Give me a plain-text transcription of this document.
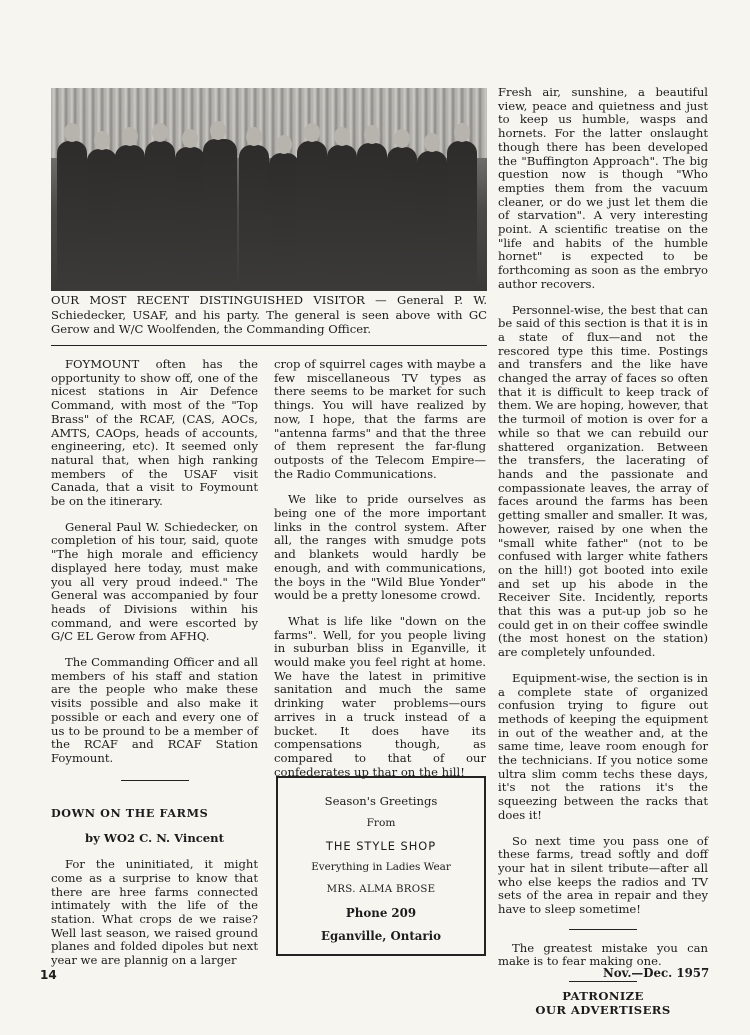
OUR MOST RECENT DISTINGUISHED VISITOR — General P. W. Schiedecker, USAF, and his party. The general is seen above with GC Gerow and W/C Woolfenden, the Commanding Officer.

FOYMOUNT often has the opportunity to show off, one of the nicest stations in Air Defence Command, with most of the "Top Brass" of the RCAF, (CAS, AOCs, AMTS, CAOps, heads of accounts, engineering, etc). It seemed only natural that, when high ranking members of the USAF visit Canada, that a visit to Foymount be on the itinerary.

General Paul W. Schiedecker, on completion of his tour, said, quote "The high morale and efficiency displayed here today, must make you all very proud indeed." The General was accompanied by four heads of Divisions within his command, and were escorted by G/C EL Gerow from AFHQ.

The Commanding Officer and all members of his staff and station are the people who make these visits possible and also make it possible or each and every one of us to be pround to be a member of the RCAF and RCAF Station Foymount.

DOWN ON THE FARMS

by WO2 C. N. Vincent

For the uninitiated, it might come as a surprise to know that there are hree farms connected intimately with the life of the station. What crops de we raise? Well last season, we raised ground planes and folded dipoles but next year we are plannig on a larger

crop of squirrel cages with maybe a few miscellaneous TV types as there seems to be market for such things. You will have realized by now, I hope, that the farms are "antenna farms" and that the three of them represent the far-flung outposts of the Telecom Empire—the Radio Communications.

We like to pride ourselves as being one of the more important links in the control system. After all, the ranges with smudge pots and blankets would hardly be enough, and with communications, the boys in the "Wild Blue Yonder" would be a pretty lonesome crowd.

What is life like "down on the farms". Well, for you people living in suburban bliss in Eganville, it would make you feel right at home. We have the latest in primitive sanitation and much the same drinking water problems—ours arrives in a truck instead of a bucket. It does have its compensations though, as compared to that of our confederates up thar on the hill!

Season's Greetings
From
THE STYLE SHOP
Everything in Ladies Wear
MRS. ALMA BROSE
Phone 209
Eganville, Ontario

Fresh air, sunshine, a beautiful view, peace and quietness and just to keep us humble, wasps and hornets. For the latter onslaught though there has been developed the "Buffington Approach". The big question now is though "Who empties them from the vacuum cleaner, or do we just let them die of starvation". A very interesting point. A scientific treatise on the "life and habits of the humble hornet" is expected to be forthcoming as soon as the embryo author recovers.

Personnel-wise, the best that can be said of this section is that it is in a state of flux—and not the rescored type this time. Postings and transfers and the like have changed the array of faces so often that it is difficult to keep track of them. We are hoping, however, that the turmoil of motion is over for a while so that we can rebuild our shattered organization. Between the transfers, the lacerating of hands and the passionate and compassionate leaves, the array of faces around the farms has been getting smaller and smaller. It was, however, raised by one when the "small white father" (not to be confused with larger white fathers on the hill!) got booted into exile and set up his abode in the Receiver Site. Incidently, reports that this was a put-up job so he could get in on their coffee swindle (the most honest on the station) are completely unfounded.

Equipment-wise, the section is in a complete state of organized confusion trying to figure out methods of keeping the equipment in out of the weather and, at the same time, leave room enough for the technicians. If you notice some ultra slim comm techs these days, it's not the rations it's the squeezing between the racks that does it!

So next time you pass one of these farms, tread softly and doff your hat in silent tribute—after all who else keeps the radios and TV sets of the area in repair and they have to sleep sometime!

The greatest mistake you can make is to fear making one.

PATRONIZE
OUR ADVERTISERS
14	Nov.—Dec. 1957
